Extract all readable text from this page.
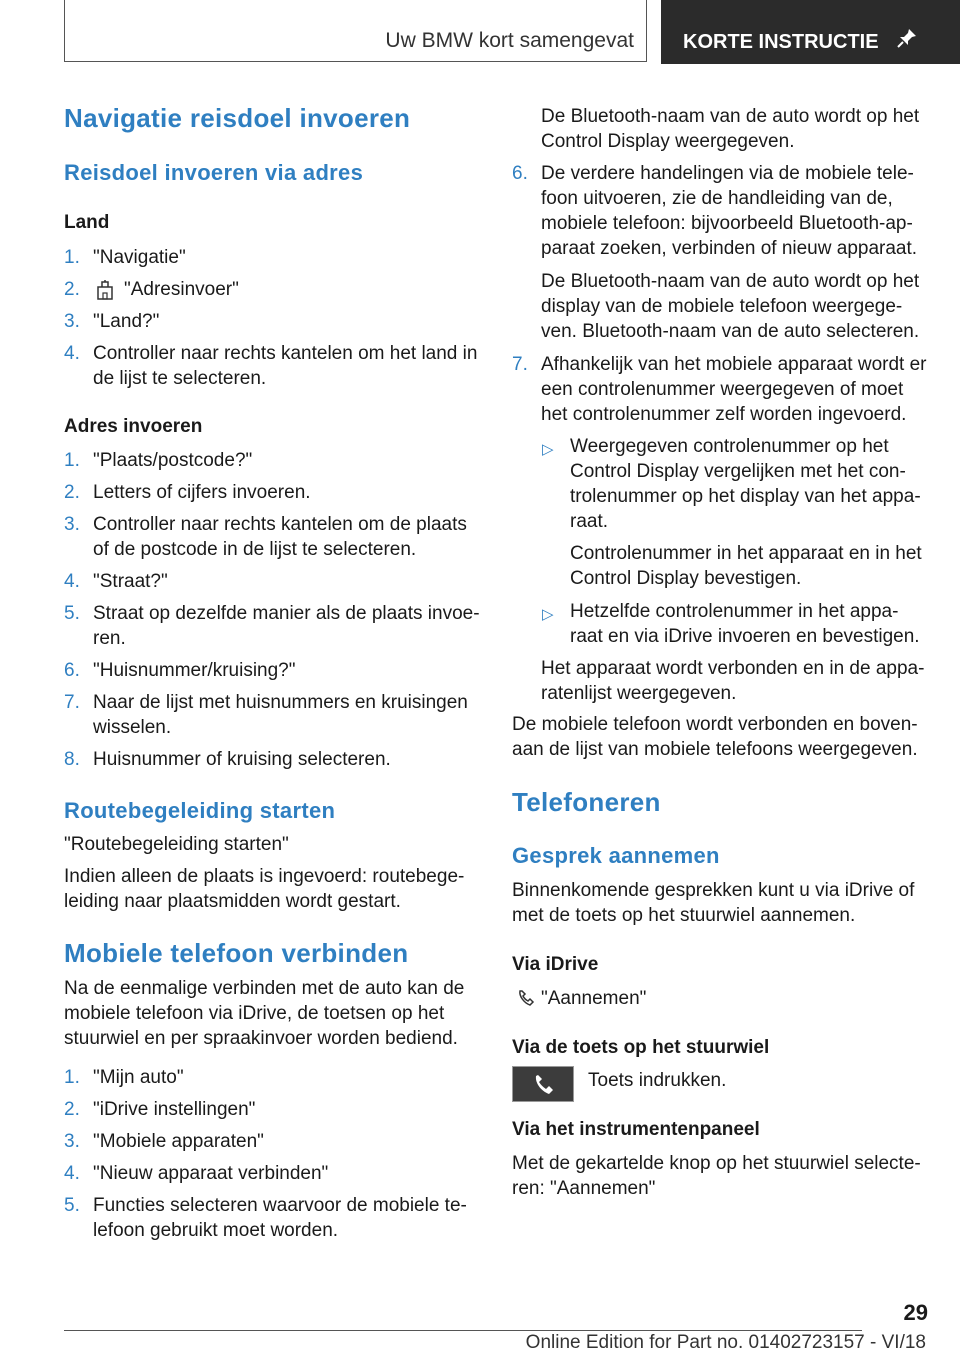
Uw BMW kort samengevat	KORTE INSTRUCTIE
Navigatie reisdoel invoeren
Reisdoel invoeren via adres
Land
1. "Navigatie"
2. "Adresinvoer"
3. "Land?"
4. Controller naar rechts kantelen om het land in de lijst te selecteren.
Adres invoeren
1. "Plaats/postcode?"
2. Letters of cijfers invoeren.
3. Controller naar rechts kantelen om de plaats of de postcode in de lijst te selecteren.
4. "Straat?"
5. Straat op dezelfde manier als de plaats invoe- ren.
6. "Huisnummer/kruising?"
7. Naar de lijst met huisnummers en kruisingen wisselen.
8. Huisnummer of kruising selecteren.
Routebegeleiding starten
"Routebegeleiding starten"
Indien alleen de plaats is ingevoerd: routebege- leiding naar plaatsmidden wordt gestart.
Mobiele telefoon verbinden
Na de eenmalige verbinden met de auto kan de mobiele telefoon via iDrive, de toetsen op het stuurwiel en per spraakinvoer worden bediend.
1. "Mijn auto"
2. "iDrive instellingen"
3. "Mobiele apparaten"
4. "Nieuw apparaat verbinden"
5. Functies selecteren waarvoor de mobiele te- lefoon gebruikt moet worden.
De Bluetooth-naam van de auto wordt op het Control Display weergegeven.
6. De verdere handelingen via de mobiele tele- foon uitvoeren, zie de handleiding van de, mobiele telefoon: bijvoorbeeld Bluetooth-ap- paraat zoeken, verbinden of nieuw apparaat.
De Bluetooth-naam van de auto wordt op het display van de mobiele telefoon weergege- ven. Bluetooth-naam van de auto selecteren.
7. Afhankelijk van het mobiele apparaat wordt er een controlenummer weergegeven of moet het controlenummer zelf worden ingevoerd.
▷ Weergegeven controlenummer op het Control Display vergelijken met het con- trolenummer op het display van het appa- raat.
Controlenummer in het apparaat en in het Control Display bevestigen.
▷ Hetzelfde controlenummer in het appa- raat en via iDrive invoeren en bevestigen.
Het apparaat wordt verbonden en in de appa- ratenlijst weergegeven.
De mobiele telefoon wordt verbonden en boven- aan de lijst van mobiele telefoons weergegeven.
Telefoneren
Gesprek aannemen
Binnenkomende gesprekken kunt u via iDrive of met de toets op het stuurwiel aannemen.
Via iDrive
"Aannemen"
Via de toets op het stuurwiel
Toets indrukken.
Via het instrumentenpaneel
Met de gekartelde knop op het stuurwiel selecte- ren: "Aannemen"
29
Online Edition for Part no. 01402723157 - VI/18
